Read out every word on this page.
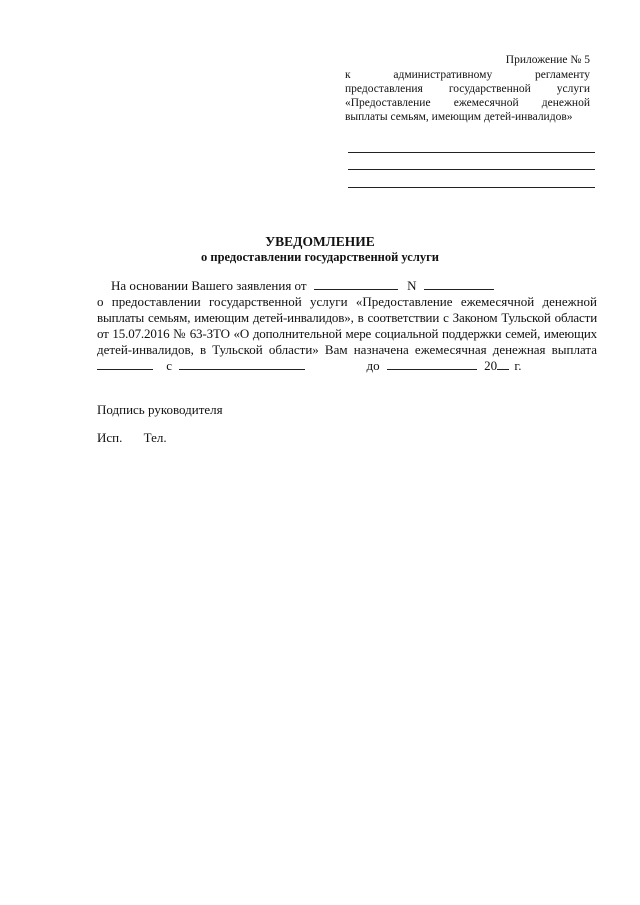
Приложение № 5
к административному регламенту
предоставления государственной услуги
«Предоставление ежемесячной денежной
выплаты семьям, имеющим детей-инвалидов»
УВЕДОМЛЕНИЕ
о предоставлении государственной услуги
На основании Вашего заявления от	N
о предоставлении государственной услуги «Предоставление ежемесячной денежной
выплаты семьям, имеющим детей-инвалидов», в соответствии с Законом Тульской области
от 15.07.2016 № 63-ЗТО «О дополнительной мере социальной поддержки семей, имеющих
детей-инвалидов, в Тульской области» Вам назначена ежемесячная денежная выплата
с	до	20 г.
Подпись руководителя
Исп. Тел.
